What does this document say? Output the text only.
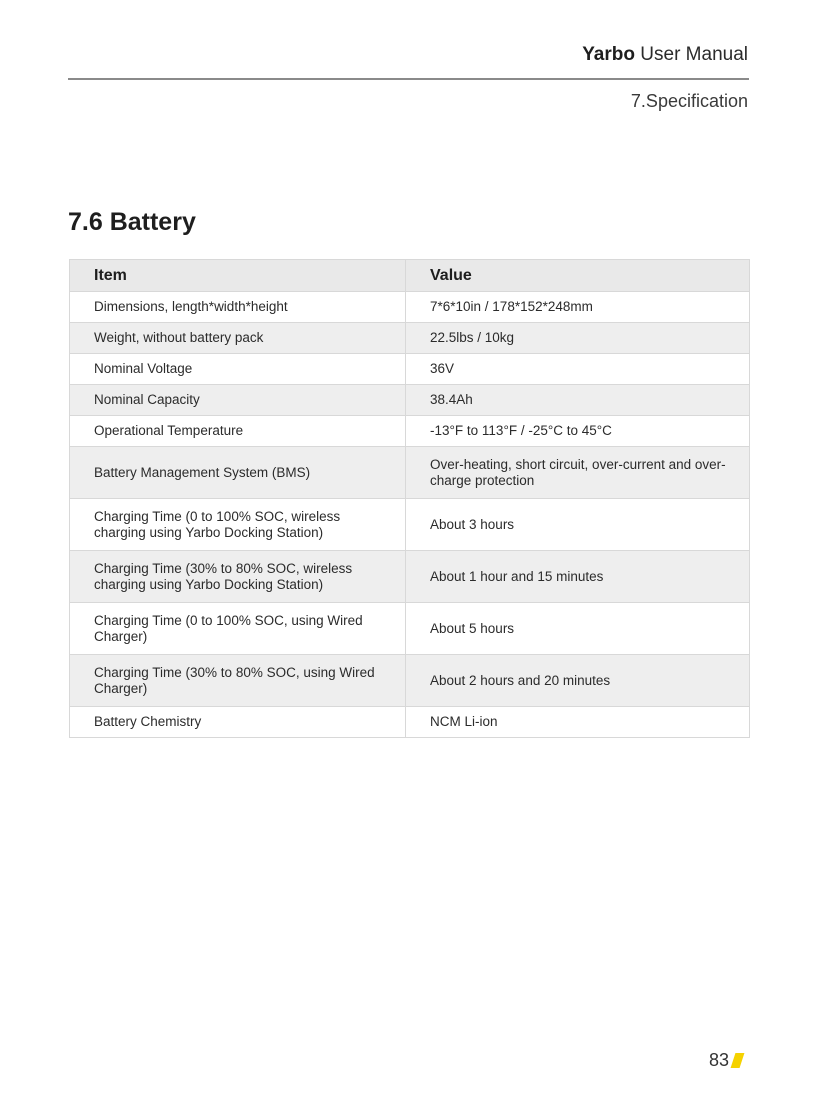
Yarbo User Manual
7.Specification
7.6 Battery
Item	Value
Dimensions, length*width*height	7*6*10in / 178*152*248mm
Weight, without battery pack	22.5lbs / 10kg
Nominal Voltage	36V
Nominal Capacity	38.4Ah
Operational Temperature	-13°F to 113°F / -25°C to 45°C
Battery Management System (BMS)	Over-heating, short circuit, over-current and over-charge protection
Charging Time (0 to 100% SOC, wireless charging using Yarbo Docking Station)	About 3 hours
Charging Time (30% to 80% SOC, wireless charging using Yarbo Docking Station)	About 1 hour and 15 minutes
Charging Time (0 to 100% SOC, using Wired Charger)	About 5 hours
Charging Time (30% to 80% SOC, using Wired Charger)	About 2 hours and 20 minutes
Battery Chemistry	NCM Li-ion
83
